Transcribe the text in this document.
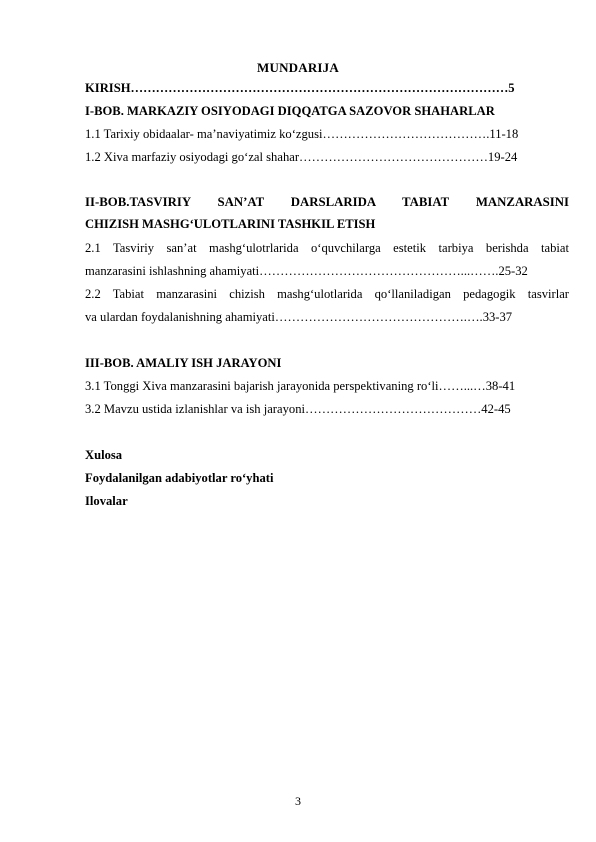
MUNDARIJA
KIRISH………………………………………………………………………………5
I-BOB. MARKAZIY OSIYODAGI DIQQATGA SAZOVOR SHAHARLAR
1.1 Tarixiy obidaalar- ma’naviyatimiz ko‘zgusi………………………………….11-18
1.2 Xiva marfaziy osiyodagi go‘zal shahar………………………………………19-24
II-BOB.TASVIRIY SAN’AT DARSLARIDA TABIAT MANZARASINI
CHIZISH MASHG‘ULOTLARINI TASHKIL ETISH
2.1 Tasviriy san’at mashg‘ulotrlarida o‘quvchilarga estetik tarbiya berishda tabiat
manzarasini ishlashning ahamiyati…………………………………………...…….25-32
2.2 Tabiat manzarasini chizish mashg‘ulotlarida qo‘llaniladigan pedagogik tasvirlar
va ulardan foydalanishning ahamiyati……………………………………….….33-37
III-BOB. AMALIY ISH JARAYONI
3.1 Tonggi Xiva manzarasini bajarish jarayonida perspektivaning ro‘li……...…38-41
3.2 Mavzu ustida izlanishlar va ish jarayoni……………………………………42-45
Xulosa
Foydalanilgan adabiyotlar ro‘yhati
Ilovalar
3
